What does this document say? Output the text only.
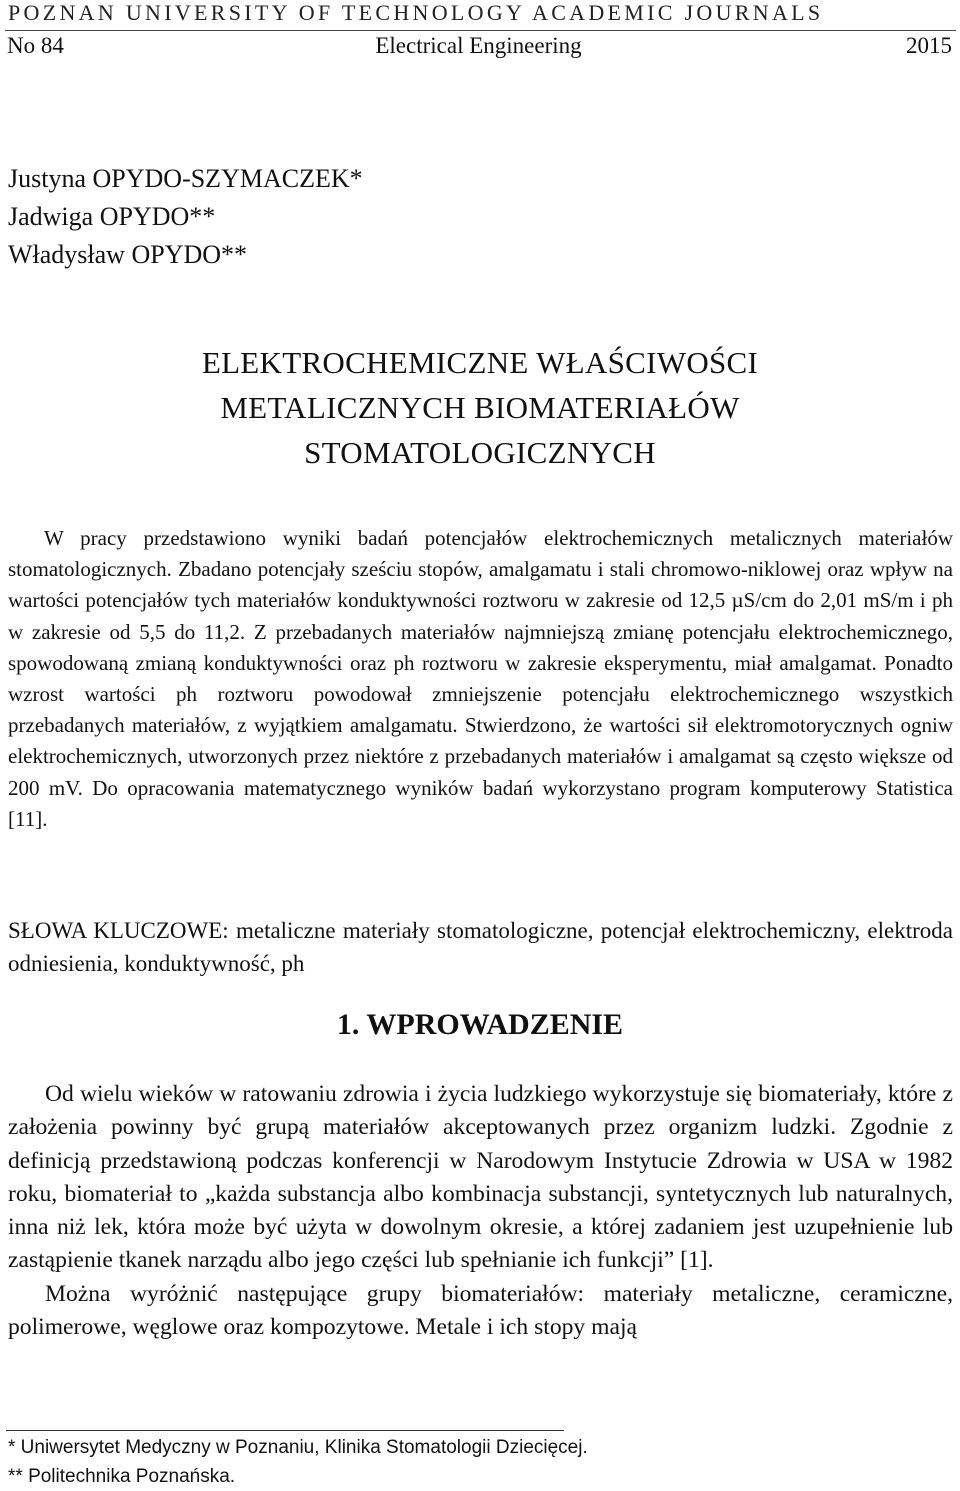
POZNAN UNIVERSITY OF TECHNOLOGY ACADEMIC JOURNALS
Electrical Engineering
No 84	2015
Justyna OPYDO-SZYMACZEK*
Jadwiga OPYDO**
Władysław OPYDO**
ELEKTROCHEMICZNE WŁAŚCIWOŚCI
METALICZNYCH BIOMATERIAŁÓW
STOMATOLOGICZNYCH

W pracy przedstawiono wyniki badań potencjałów elektrochemicznych metalicznych materiałów stomatologicznych. Zbadano potencjały sześciu stopów, amalgamatu i stali chromowo-niklowej oraz wpływ na wartości potencjałów tych materiałów konduktywności roztworu w zakresie od 12,5 µS/cm do 2,01 mS/m i ph w zakresie od 5,5 do 11,2. Z przebadanych materiałów najmniejszą zmianę potencjału elektrochemicznego, spowodowaną zmianą konduktywności oraz ph roztworu w zakresie eksperymentu, miał amalgamat. Ponadto wzrost wartości ph roztworu powodował zmniejszenie potencjału elektrochemicznego wszystkich przebadanych materiałów, z wyjątkiem amalgamatu. Stwierdzono, że wartości sił elektromotorycznych ogniw elektrochemicznych, utworzonych przez niektóre z przebadanych materiałów i amalgamat są często większe od 200 mV. Do opracowania matematycznego wyników badań wykorzystano program komputerowy Statistica [11].

SŁOWA KLUCZOWE: metaliczne materiały stomatologiczne, potencjał elektrochemiczny, elektroda odniesienia, konduktywność, ph

1. WPROWADZENIE

Od wielu wieków w ratowaniu zdrowia i życia ludzkiego wykorzystuje się biomateriały, które z założenia powinny być grupą materiałów akceptowanych przez organizm ludzki. Zgodnie z definicją przedstawioną podczas konferencji w Narodowym Instytucie Zdrowia w USA w 1982 roku, biomateriał to „każda substancja albo kombinacja substancji, syntetycznych lub naturalnych, inna niż lek, która może być użyta w dowolnym okresie, a której zadaniem jest uzupełnienie lub zastąpienie tkanek narządu albo jego części lub spełnianie ich funkcji” [1].

Można wyróżnić następujące grupy biomateriałów: materiały metaliczne, ceramiczne, polimerowe, węglowe oraz kompozytowe. Metale i ich stopy mają

* Uniwersytet Medyczny w Poznaniu, Klinika Stomatologii Dziecięcej.
** Politechnika Poznańska.
